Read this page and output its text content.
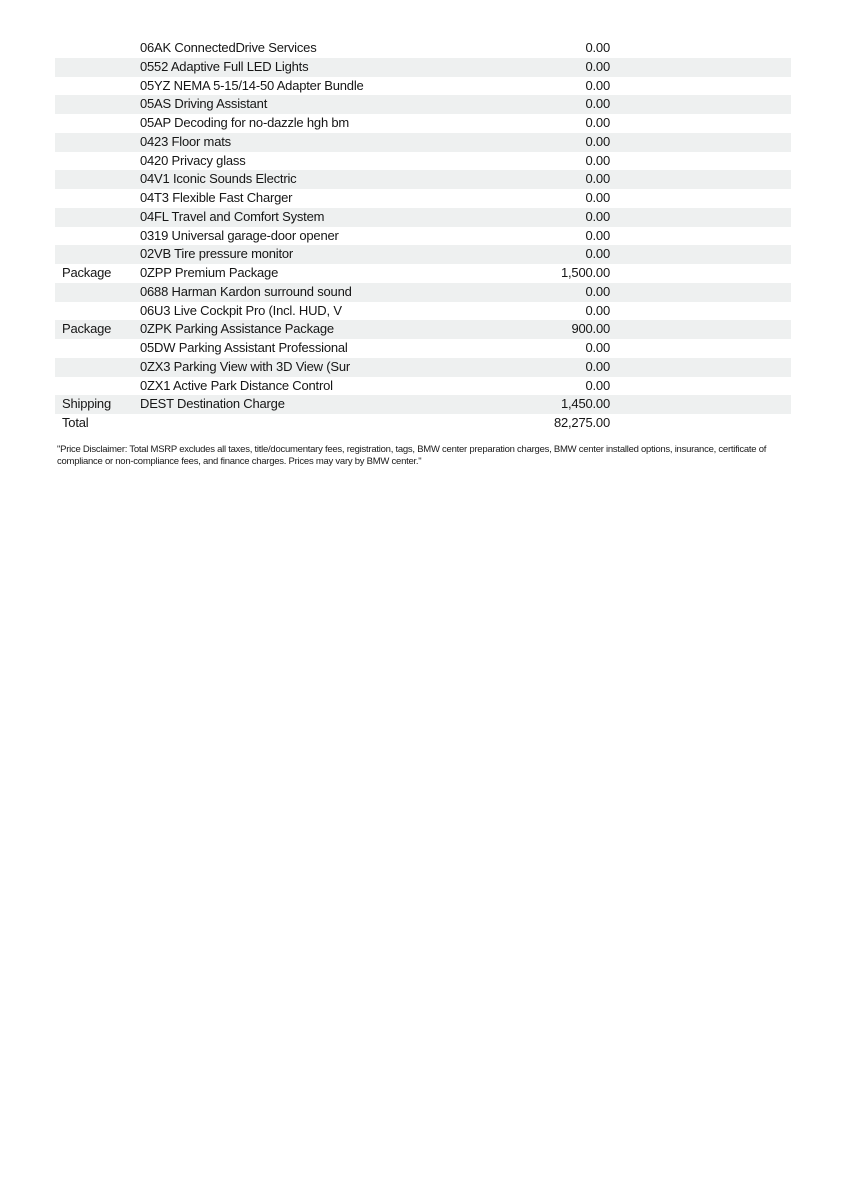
06AK ConnectedDrive Services	0.00
0552 Adaptive Full LED Lights	0.00
05YZ NEMA 5-15/14-50 Adapter Bundle	0.00
05AS Driving Assistant	0.00
05AP Decoding for no-dazzle hgh bm	0.00
0423 Floor mats	0.00
0420 Privacy glass	0.00
04V1 Iconic Sounds Electric	0.00
04T3 Flexible Fast Charger	0.00
04FL Travel and Comfort System	0.00
0319 Universal garage-door opener	0.00
02VB Tire pressure monitor	0.00
Package	0ZPP Premium Package	1,500.00
0688 Harman Kardon surround sound	0.00
06U3 Live Cockpit Pro (Incl. HUD, V	0.00
Package	0ZPK Parking Assistance Package	900.00
05DW Parking Assistant Professional	0.00
0ZX3 Parking View with 3D View (Sur	0.00
0ZX1 Active Park Distance Control	0.00
Shipping	DEST Destination Charge	1,450.00
Total	82,275.00
"Price Disclaimer: Total MSRP excludes all taxes, title/documentary fees, registration, tags, BMW center preparation charges, BMW center installed options, insurance, certificate of compliance or non-compliance fees, and finance charges. Prices may vary by BMW center."
